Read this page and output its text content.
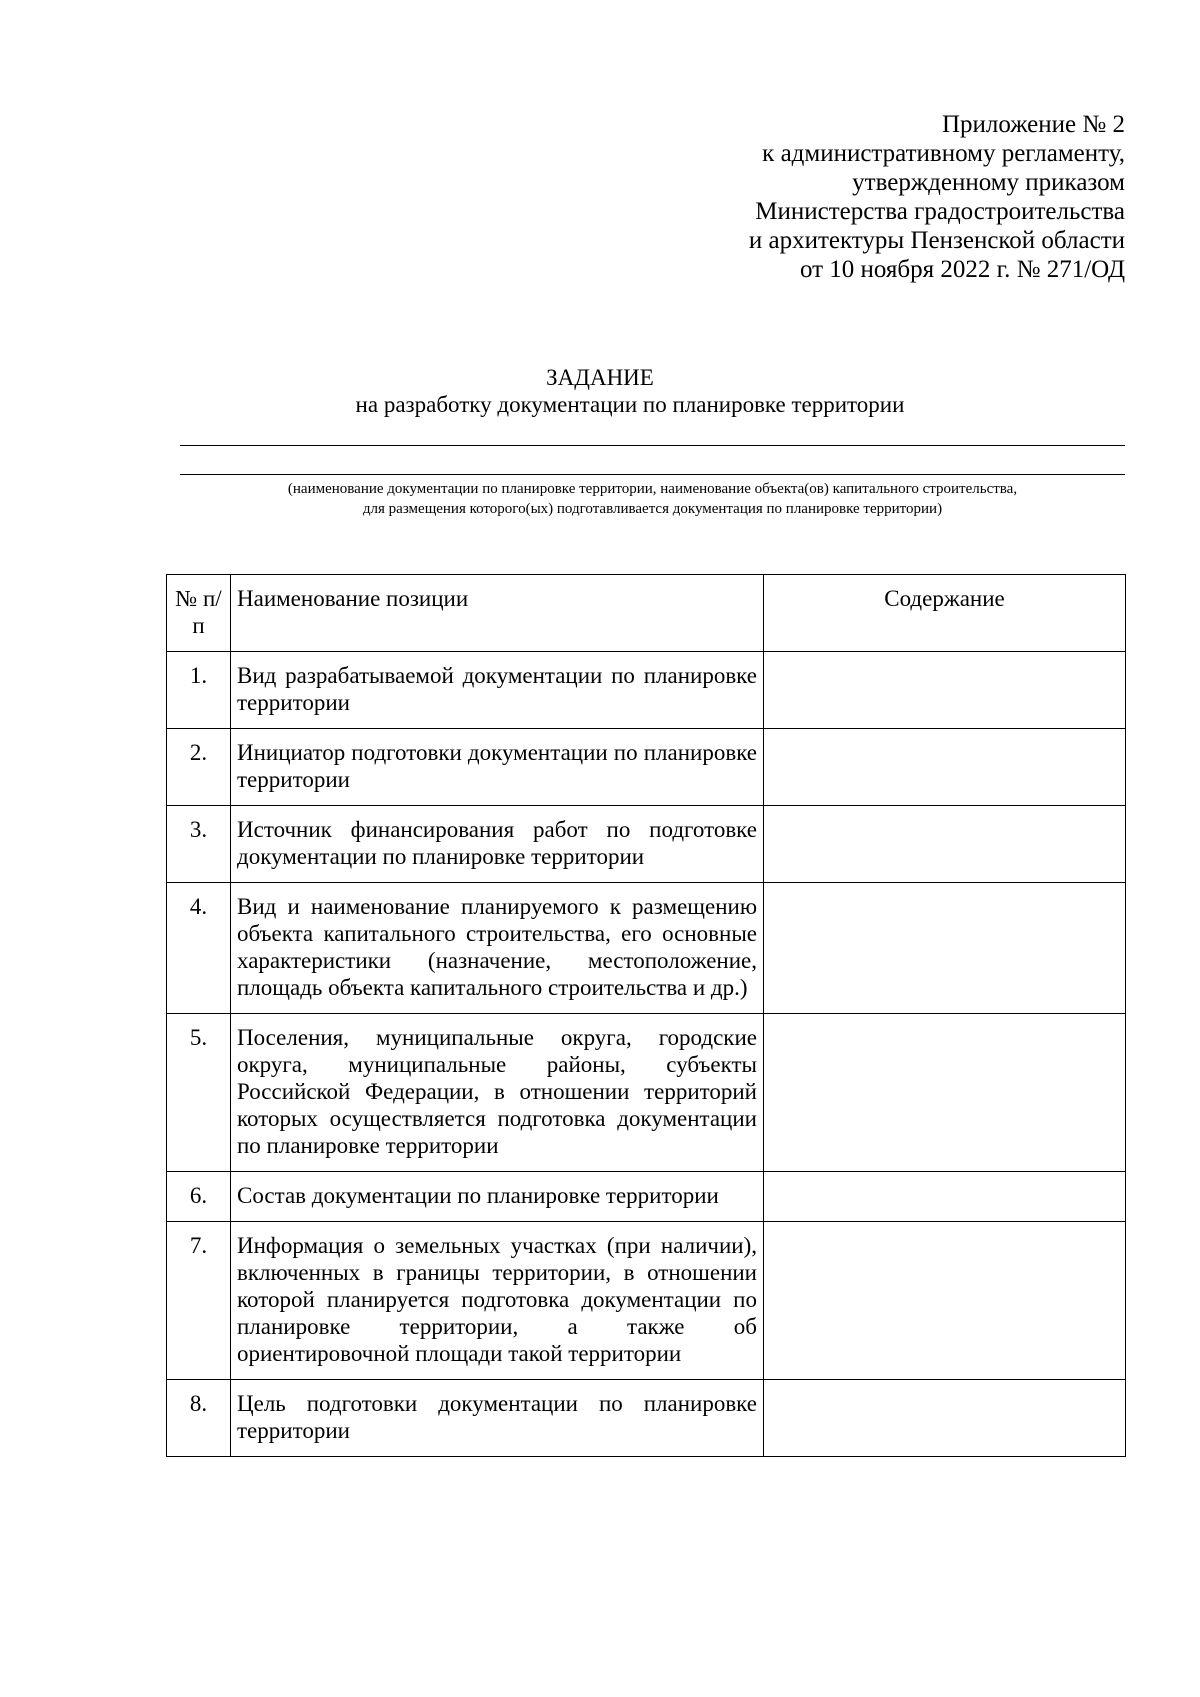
Приложение № 2
к административному регламенту,
утвержденному приказом
Министерства градостроительства
и архитектуры Пензенской области
от 10 ноября 2022 г. № 271/ОД
ЗАДАНИЕ
на разработку документации по планировке территории
(наименование документации по планировке территории, наименование объекта(ов) капитального строительства,
для размещения которого(ых) подготавливается документация по планировке территории)
№ п/п	Наименование позиции	Содержание
1.	Вид разрабатываемой документации по планировке территории	
2.	Инициатор подготовки документации по планировке территории	
3.	Источник финансирования работ по подготовке документации по планировке территории	
4.	Вид и наименование планируемого к размещению объекта капитального строительства, его основные характеристики (назначение, местоположение, площадь объекта капитального строительства и др.)	
5.	Поселения, муниципальные округа, городские округа, муниципальные районы, субъекты Российской Федерации, в отношении территорий которых осуществляется подготовка документации по планировке территории	
6.	Состав документации по планировке территории	
7.	Информация о земельных участках (при наличии), включенных в границы территории, в отношении которой планируется подготовка документации по планировке территории, а также об ориентировочной площади такой территории	
8.	Цель подготовки документации по планировке территории	
